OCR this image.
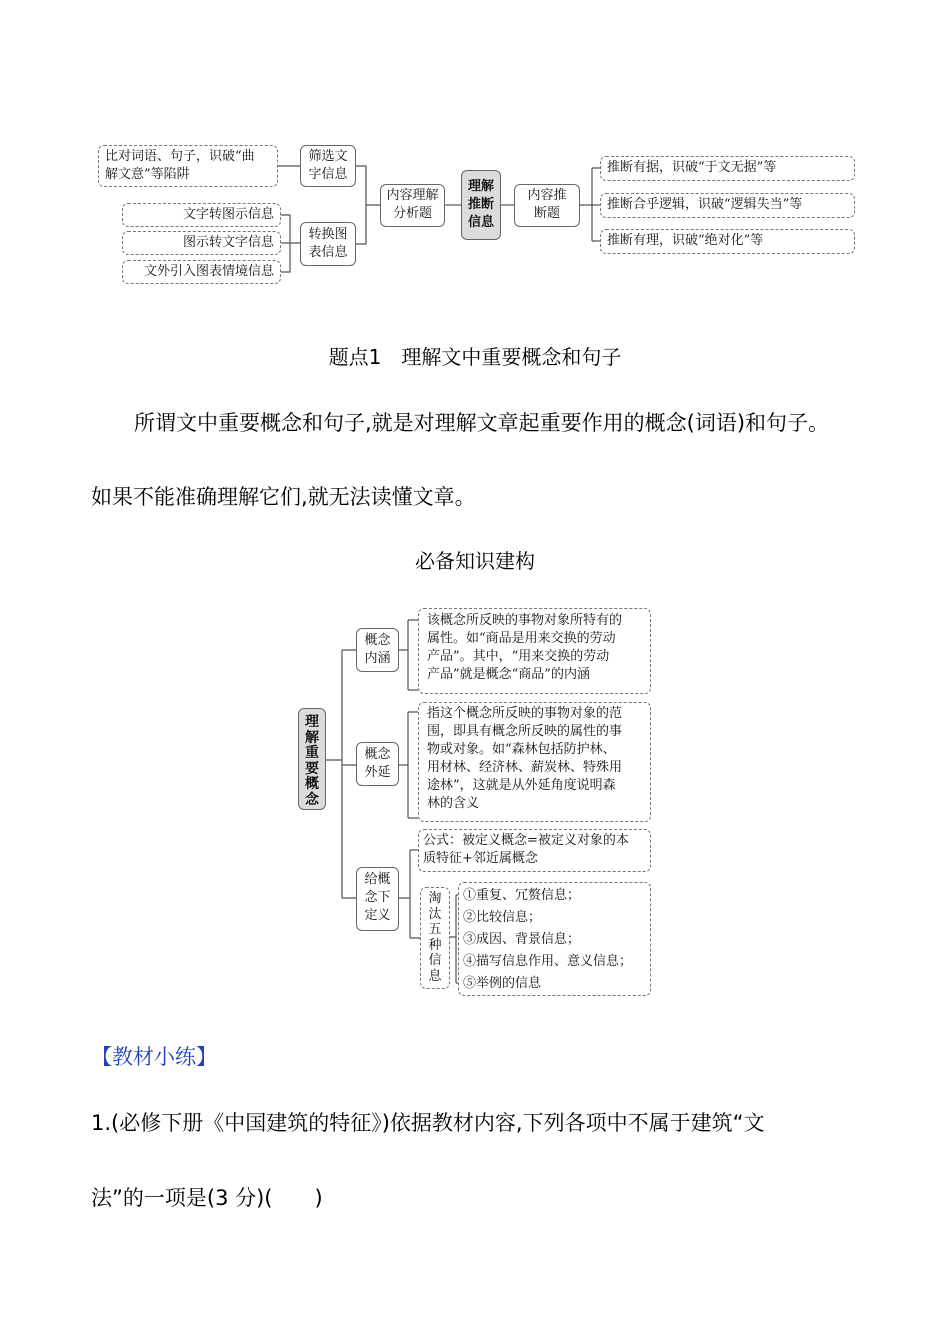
比对词语、句子，识破“曲
解文意”等陷阱
文字转图示信息
图示转文字信息
文外引入图表情境信息
筛选文
字信息
转换图
表信息
内容理解
分析题
理解
推断
信息
内容推
断题
推断有据，识破“于文无据”等
推断合乎逻辑，识破“逻辑失当”等
推断有理，识破“绝对化”等
题点1　理解文中重要概念和句子
所谓文中重要概念和句子,就是对理解文章起重要作用的概念(词语)和句子。
如果不能准确理解它们,就无法读懂文章。
必备知识建构
理
解
重
要
概
念
概念
内涵
该概念所反映的事物对象所特有的
属性。如“商品是用来交换的劳动
产品”。其中，“用来交换的劳动
产品”就是概念“商品”的内涵
概念
外延
指这个概念所反映的事物对象的范
围，即具有概念所反映的属性的事
物或对象。如“森林包括防护林、
用材林、经济林、薪炭林、特殊用
途林”，这就是从外延角度说明森
林的含义
给概
念下
定义
公式：被定义概念=被定义对象的本
质特征+邻近属概念
淘
汰
五
种
信
息
①重复、冗赘信息；
②比较信息；
③成因、背景信息；
④描写信息作用、意义信息；
⑤举例的信息
【教材小练】
1.(必修下册《中国建筑的特征》)依据教材内容,下列各项中不属于建筑“文
法”的一项是(3 分)(　　)
